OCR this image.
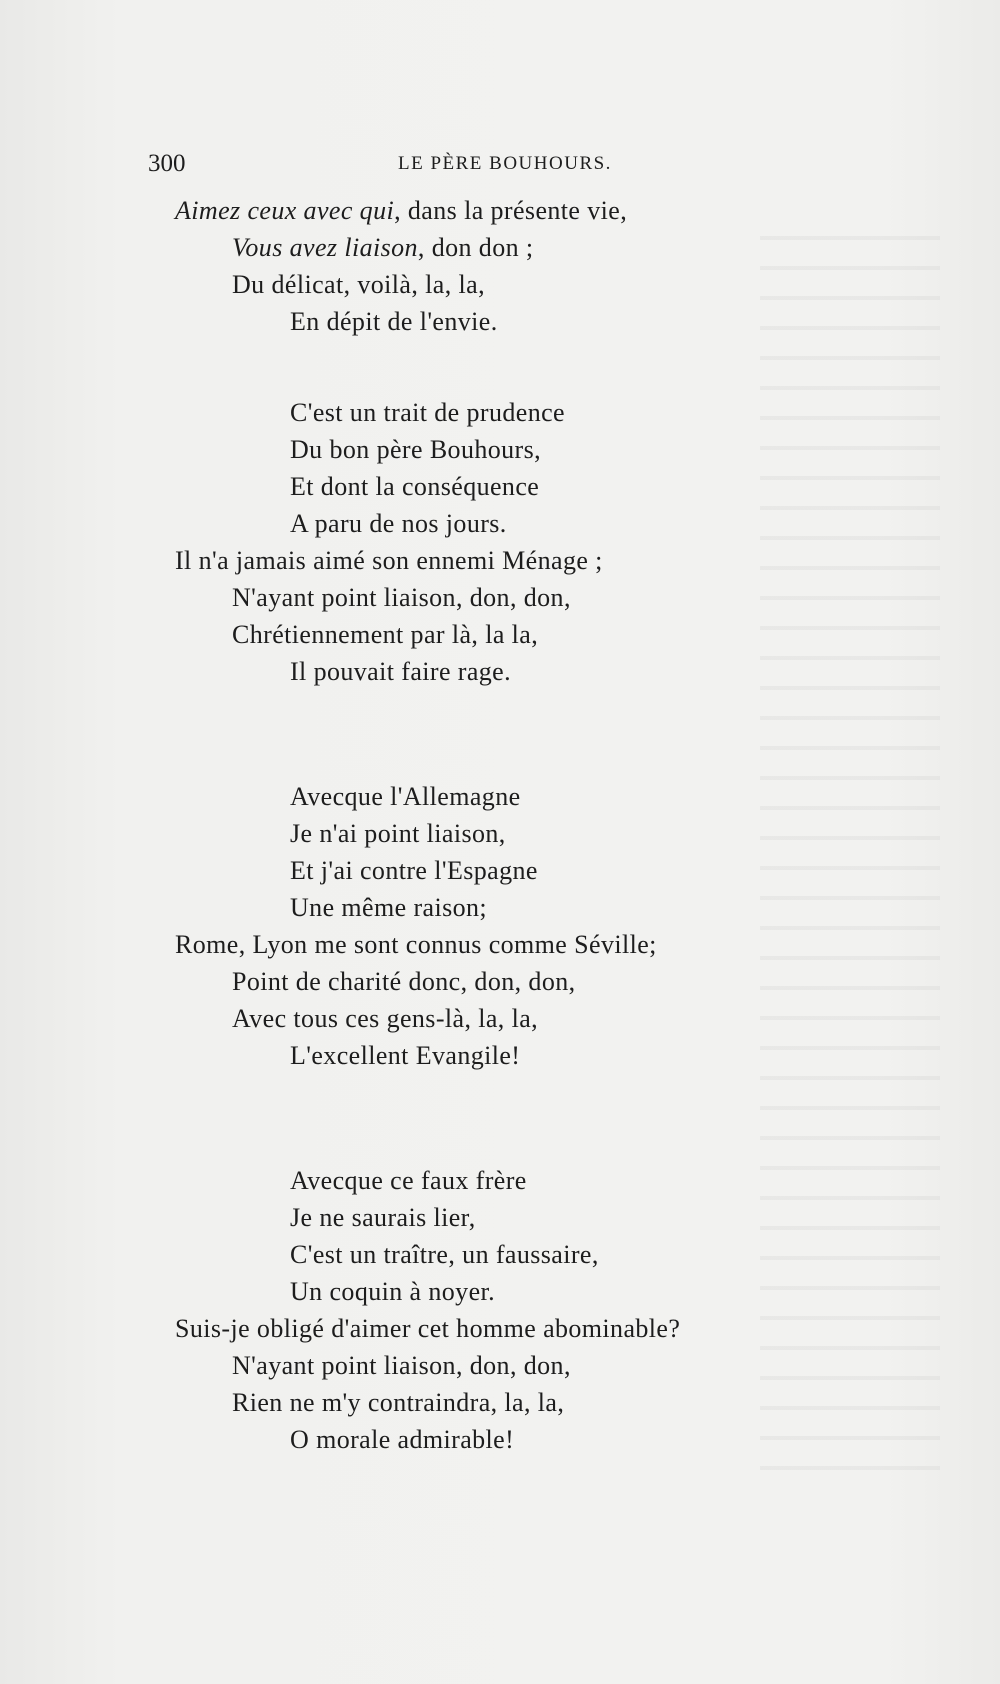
300	LE PÈRE BOUHOURS.
Aimez ceux avec qui, dans la présente vie,
Vous avez liaison, don don ;
Du délicat, voilà, la, la,
En dépit de l'envie.
C'est un trait de prudence
Du bon père Bouhours,
Et dont la conséquence
A paru de nos jours.
Il n'a jamais aimé son ennemi Ménage ;
N'ayant point liaison, don, don,
Chrétiennement par là, la la,
Il pouvait faire rage.
Avecque l'Allemagne
Je n'ai point liaison,
Et j'ai contre l'Espagne
Une même raison;
Rome, Lyon me sont connus comme Séville;
Point de charité donc, don, don,
Avec tous ces gens-là, la, la,
L'excellent Evangile!
Avecque ce faux frère
Je ne saurais lier,
C'est un traître, un faussaire,
Un coquin à noyer.
Suis-je obligé d'aimer cet homme abominable?
N'ayant point liaison, don, don,
Rien ne m'y contraindra, la, la,
O morale admirable!
